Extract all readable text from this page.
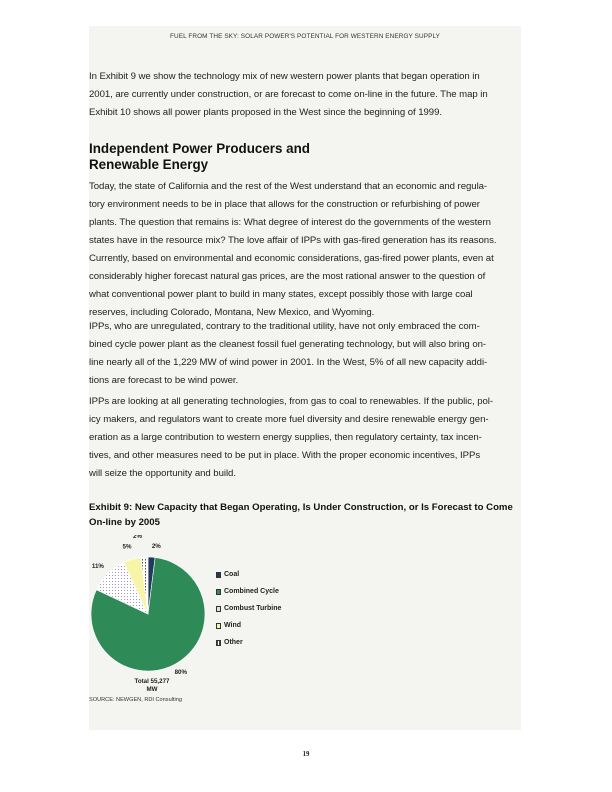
FUEL FROM THE SKY: SOLAR POWER'S POTENTIAL FOR WESTERN ENERGY SUPPLY
In Exhibit 9 we show the technology mix of new western power plants that began operation in
2001, are currently under construction, or are forecast to come on-line in the future. The map in
Exhibit 10 shows all power plants proposed in the West since the beginning of 1999.
Independent Power Producers and
Renewable Energy
Today, the state of California and the rest of the West understand that an economic and regula-
tory environment needs to be in place that allows for the construction or refurbishing of power
plants. The question that remains is: What degree of interest do the governments of the western
states have in the resource mix? The love affair of IPPs with gas-fired generation has its reasons.
Currently, based on environmental and economic considerations, gas-fired power plants, even at
considerably higher forecast natural gas prices, are the most rational answer to the question of
what conventional power plant to build in many states, except possibly those with large coal
reserves, including Colorado, Montana, New Mexico, and Wyoming.
IPPs, who are unregulated, contrary to the traditional utility, have not only embraced the com-
bined cycle power plant as the cleanest fossil fuel generating technology, but will also bring on-
line nearly all of the 1,229 MW of wind power in 2001. In the West, 5% of all new capacity addi-
tions are forecast to be wind power.
IPPs are looking at all generating technologies, from gas to coal to renewables. If the public, pol-
icy makers, and regulators want to create more fuel diversity and desire renewable energy gen-
eration as a large contribution to western energy supplies, then regulatory certainty, tax incen-
tives, and other measures need to be put in place. With the proper economic incentives, IPPs
will seize the opportunity and build.
Exhibit 9: New Capacity that Began Operating, Is Under Construction, or Is Forecast to Come
On-line by 2005
2%
80%
11%
5%
2%
Total 55,277
MW
Coal
Combined Cycle
Combust Turbine
Wind
Other
SOURCE: NEWGEN, RDI Consulting
19
